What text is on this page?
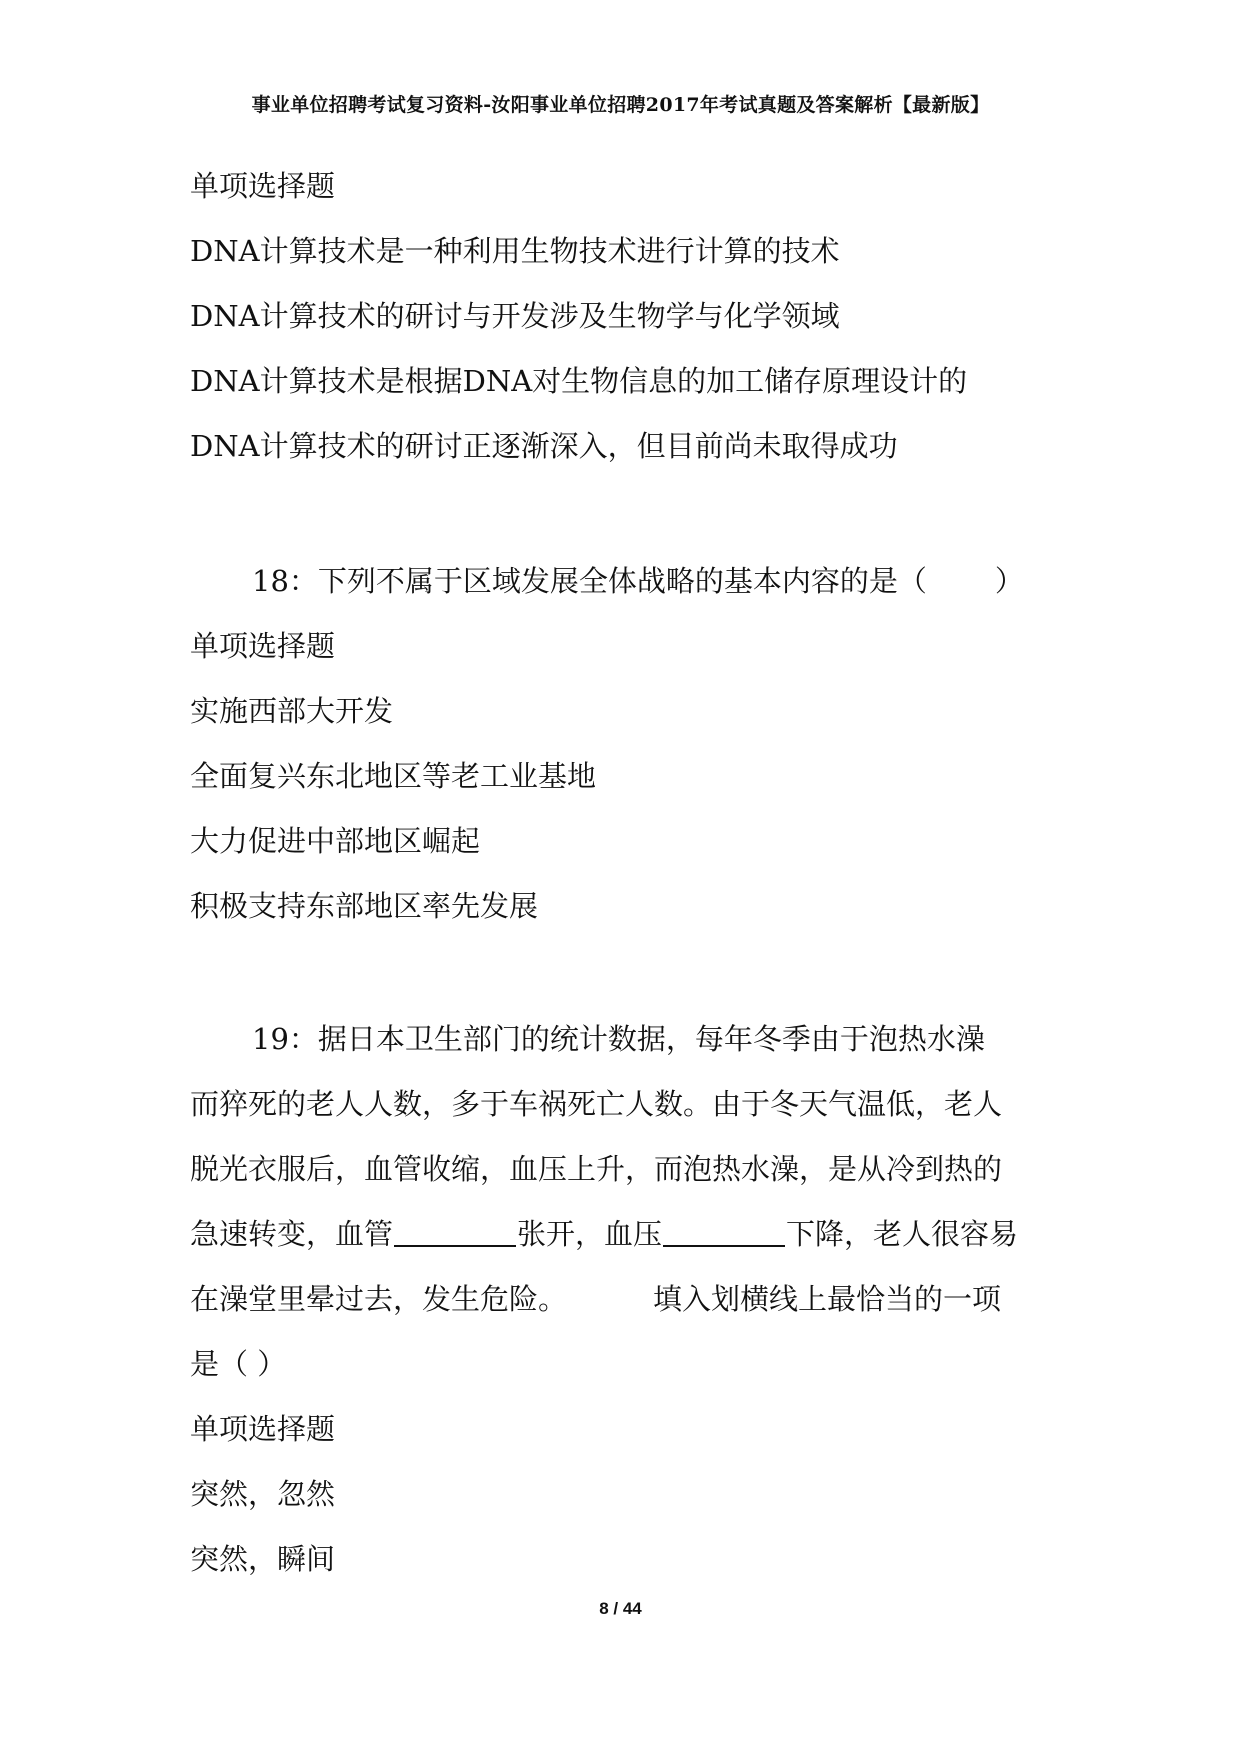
事业单位招聘考试复习资料-汝阳事业单位招聘2017年考试真题及答案解析【最新版】
单项选择题
DNA计算技术是一种利用生物技术进行计算的技术
DNA计算技术的研讨与开发涉及生物学与化学领域
DNA计算技术是根据DNA对生物信息的加工储存原理设计的
DNA计算技术的研讨正逐渐深入，但目前尚未取得成功
18：下列不属于区域发展全体战略的基本内容的是（ ）
单项选择题
实施西部大开发
全面复兴东北地区等老工业基地
大力促进中部地区崛起
积极支持东部地区率先发展
19：据日本卫生部门的统计数据，每年冬季由于泡热水澡
而猝死的老人人数，多于车祸死亡人数。由于冬天气温低，老人
脱光衣服后，血管收缩，血压上升，而泡热水澡，是从冷到热的
急速转变，血管	张开，血压	下降，老人很容易
在澡堂里晕过去，发生危险。	填入划横线上最恰当的一项
是（ ）
单项选择题
突然，忽然
突然，瞬间
8 / 44
